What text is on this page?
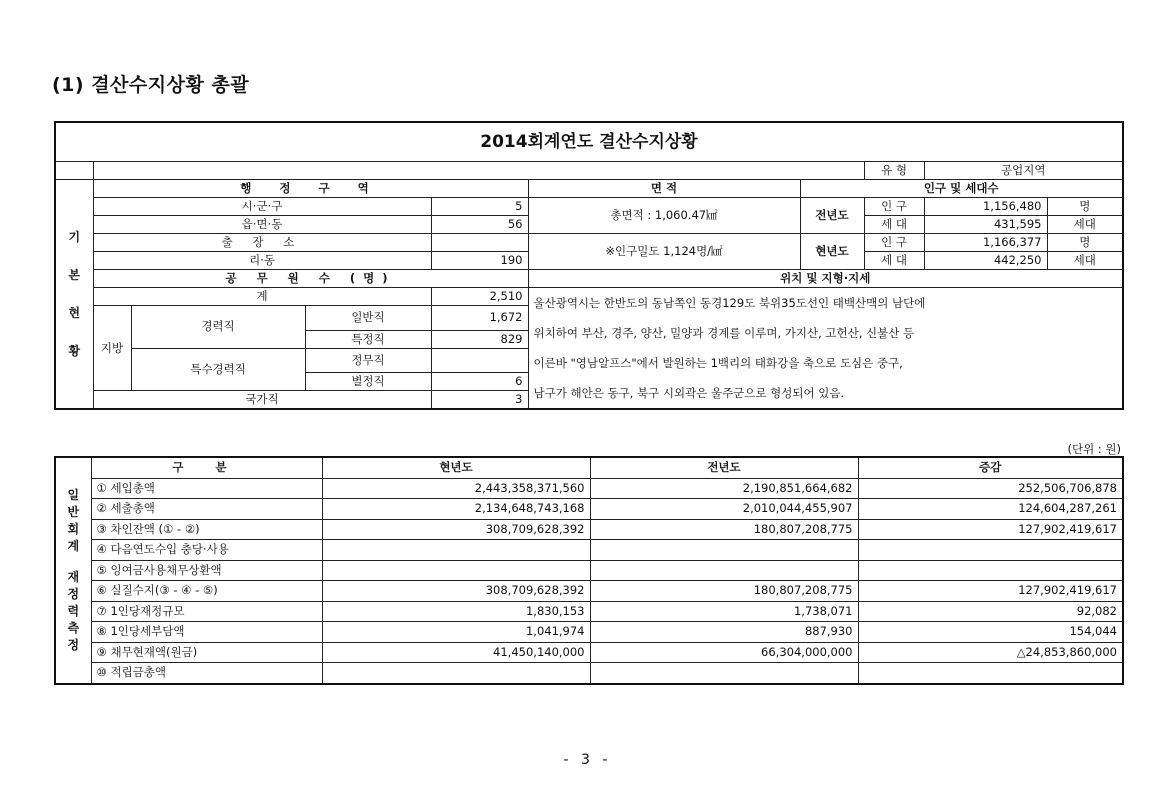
(1) 결산수지상황 총괄
2014회계연도 결산수지상황									
							유 형	공업지역	
기 본 현 황	행 정 구 역				면 적	인구 및 세대수			
	시·군·구			5	총면적 : 1,060.47㎢	전년도	인 구	1,156,480	명
	읍·면·동			56			세 대	431,595	세대
	출 장 소				※인구밀도 1,124명/㎢	현년도	인 구	1,166,377	명
	리·동			190			세 대	442,250	세대
	공 무 원 수 (명)				위치 및 지형·지세				
	계			2,510	울산광역시는 한반도의 동남쪽인 동경129도 북위35도선인 태백산맥의 남단에
위치하여 부산, 경주, 양산, 밀양과 경계를 이루며, 가지산, 고헌산, 신불산 등
이른바 "영남알프스"에서 발원하는 1백리의 태화강을 축으로 도심은 중구,
남구가 해안은 동구, 북구 시외곽은 울주군으로 형성되어 있음.				

	지방	경력직	일반직	1,672					
			특정직	829					
		특수경력직	정무직						
			별정직	6					
	국가직			3					
(단위 : 원)
일반회계
재정력측정	구 분	현년도	전년도	증감
	① 세입총액	2,443,358,371,560	2,190,851,664,682	252,506,706,878
	② 세출총액	2,134,648,743,168	2,010,044,455,907	124,604,287,261
	③ 차인잔액 (① - ②)	308,709,628,392	180,807,208,775	127,902,419,617
	④ 다음연도수입 충당·사용			
	⑤ 잉여금사용채무상환액			
	⑥ 실질수지(③ - ④ - ⑤)	308,709,628,392	180,807,208,775	127,902,419,617
	⑦ 1인당재정규모	1,830,153	1,738,071	92,082
	⑧ 1인당세부담액	1,041,974	887,930	154,044
	⑨ 채무현재액(원금)	41,450,140,000	66,304,000,000	△24,853,860,000
	⑩ 적립금총액			
- 3 -
